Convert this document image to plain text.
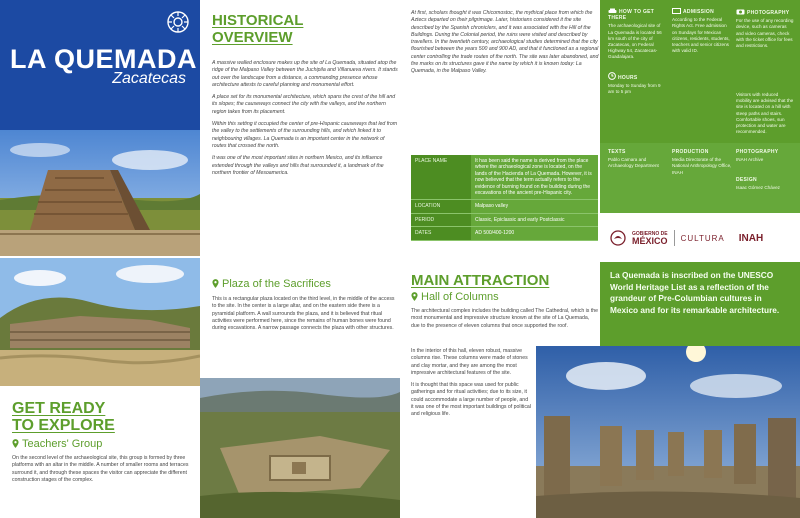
LA QUEMADA
Zacatecas
GET READY
TO EXPLORE
Teachers' Group
On the second level of the archaeological site, this group is formed by three platforms with an altar in the middle. A number of smaller rooms and terraces surround it, and through these spaces the visitor can appreciate the different construction stages of the complex.
HISTORICAL
OVERVIEW

A massive walled enclosure makes up the site of La Quemada, situated atop the ridge of the Malpaso Valley between the Juchipila and Villanueva rivers. It stands out over the landscape from a distance, a commanding presence whose architecture attests to careful planning and monumental effort.

A place set for its monumental architecture, which spans the crest of the hill and its slopes; the causeways connect the city with the valleys, and the northern region takes from its placement.

Within this setting it occupied the center of pre-Hispanic causeways that led from the valley to the settlements of the surrounding hills, and which linked it to neighbouring villages. La Quemada is an important center in the network of routes that crossed the north.

It was one of the most important sites in northern Mexico, and its influence extended through the valleys and hills that surrounded it, a landmark of the northern frontier of Mesoamerica.

Plaza of the Sacrifices
This is a rectangular plaza located on the third level, in the middle of the access to the site. In the center is a large altar, and on the eastern side there is a pyramidal platform. A wall surrounds the plaza, and it is believed that ritual activities were performed here, since the remains of human bones were found during excavations. A narrow passage connects the plaza with other structures.
At first, scholars thought it was Chicomostoc, the mythical place from which the Aztecs departed on their pilgrimage. Later, historians considered it the site described by the Spanish chroniclers, and it was associated with the Hill of the Buildings. During the Colonial period, the ruins were visited and described by travellers. In the twentieth century, archaeological studies determined that the city flourished between the years 500 and 900 AD, and that it functioned as a regional center controlling the trade routes of the north. The site was later abandoned, and fire marks on its structures gave it the name by which it is known today: La Quemada, in the Malpaso Valley.
PLACE NAME	It has been said the name is derived from the place where the archaeological zone is located, on the lands of the Hacienda of La Quemada. However, it is now believed that the term actually refers to the evidence of burning found on the building during the excavations of the ancient pre-Hispanic city.
LOCATION	Malpaso valley
PERIOD	Classic, Epiclassic and early Postclassic
DATES	AD 500/400-1200
MAIN ATTRACTION
Hall of Columns
The architectural complex includes the building called The Cathedral, which is the most monumental and impressive structure known at the site of La Quemada, due to the presence of eleven columns that once supported the roof.

In the interior of this hall, eleven robust, massive columns rise. These columns were made of stones and clay mortar, and they are among the most impressive architectural features of the site.

It is thought that this space was used for public gatherings and for ritual activities; due to its size, it could accommodate a large number of people, and it was one of the most important buildings of political and religious life.

HOW TO GET THERE
The archaeological site of La Quemada is located 56 km south of the city of Zacatecas, on Federal Highway 54, Zacatecas-Guadalajara.
ADMISSION
According to the Federal Rights Act. Free admission on Sundays for Mexican citizens, residents, students, teachers and senior citizens with valid ID.
PHOTOGRAPHY
For the use of any recording device, such as cameras and video cameras, check with the ticket office for fees and restrictions.
HOURS
Monday to Sunday from 9 am to 5 pm
Visitors with reduced mobility are advised that the site is located on a hill with steep paths and stairs. Comfortable shoes, sun protection and water are recommended.
TEXTS
Pablo Camara and Archaeology Department
PRODUCTION
Media Directorate of the National Anthropology Office, INAH
PHOTOGRAPHY
INAH Archive
DESIGN
Isaac Gómez Chávez
GOBIERNO DE
MÉXICO CULTURA INAH
La Quemada is inscribed on the UNESCO World Heritage List as a reflection of the grandeur of Pre-Columbian cultures in Mexico and for its remarkable architecture.
